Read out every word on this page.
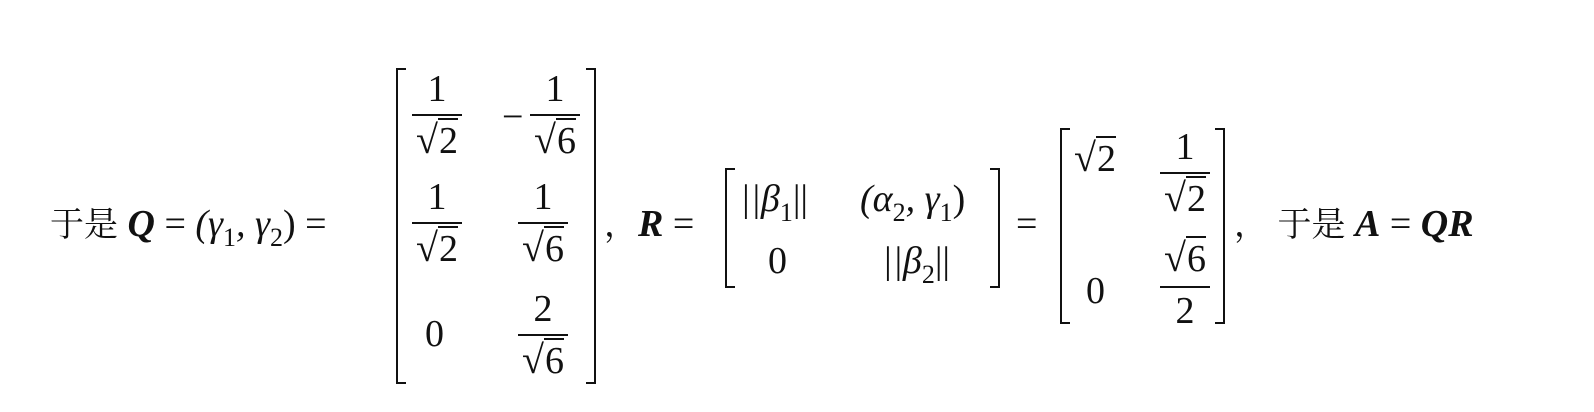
于是 $Q = (\gamma_1$, $\gamma_2$) =
1
√2
−
1
√6
1
√2
1
√6
0
2
√6
，R =
$||\beta_1||$ ($\alpha_2$, $\gamma_1$)
0	$||\beta_2||$
=
√2	1
√2
0
√6
2
， 于是 A = QR
